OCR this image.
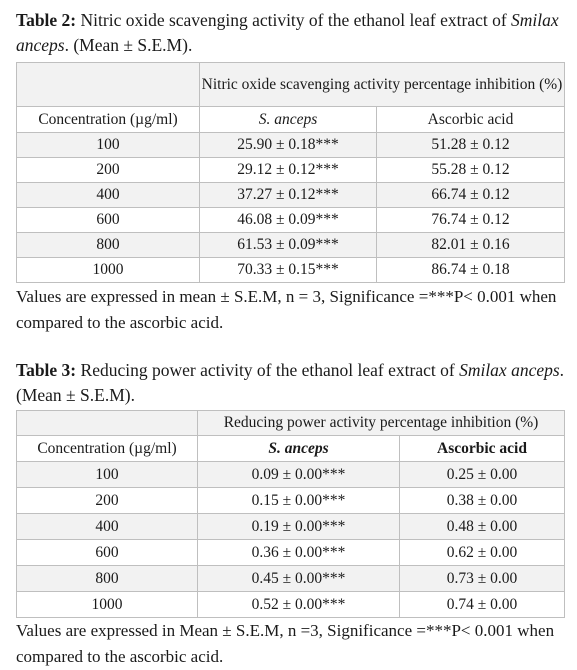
Table 2: Nitric oxide scavenging activity of the ethanol leaf extract of Smilax anceps. (Mean ± S.E.M).
	Nitric oxide scavenging activity percentage inhibition (%)	
Concentration (µg/ml)	S. anceps	Ascorbic acid
100	25.90 ± 0.18***	51.28 ± 0.12
200	29.12 ± 0.12***	55.28 ± 0.12
400	37.27 ± 0.12***	66.74 ± 0.12
600	46.08 ± 0.09***	76.74 ± 0.12
800	61.53 ± 0.09***	82.01 ± 0.16
1000	70.33 ± 0.15***	86.74 ± 0.18
Values are expressed in mean ± S.E.M, n = 3, Significance =***P< 0.001 when compared to the ascorbic acid.
Table 3: Reducing power activity of the ethanol leaf extract of Smilax anceps. (Mean ± S.E.M).
	Reducing power activity percentage inhibition (%)	
Concentration (µg/ml)	S. anceps	Ascorbic acid
100	0.09 ± 0.00***	0.25 ± 0.00
200	0.15 ± 0.00***	0.38 ± 0.00
400	0.19 ± 0.00***	0.48 ± 0.00
600	0.36 ± 0.00***	0.62 ± 0.00
800	0.45 ± 0.00***	0.73 ± 0.00
1000	0.52 ± 0.00***	0.74 ± 0.00
Values are expressed in Mean ± S.E.M, n =3, Significance =***P< 0.001 when compared to the ascorbic acid.
